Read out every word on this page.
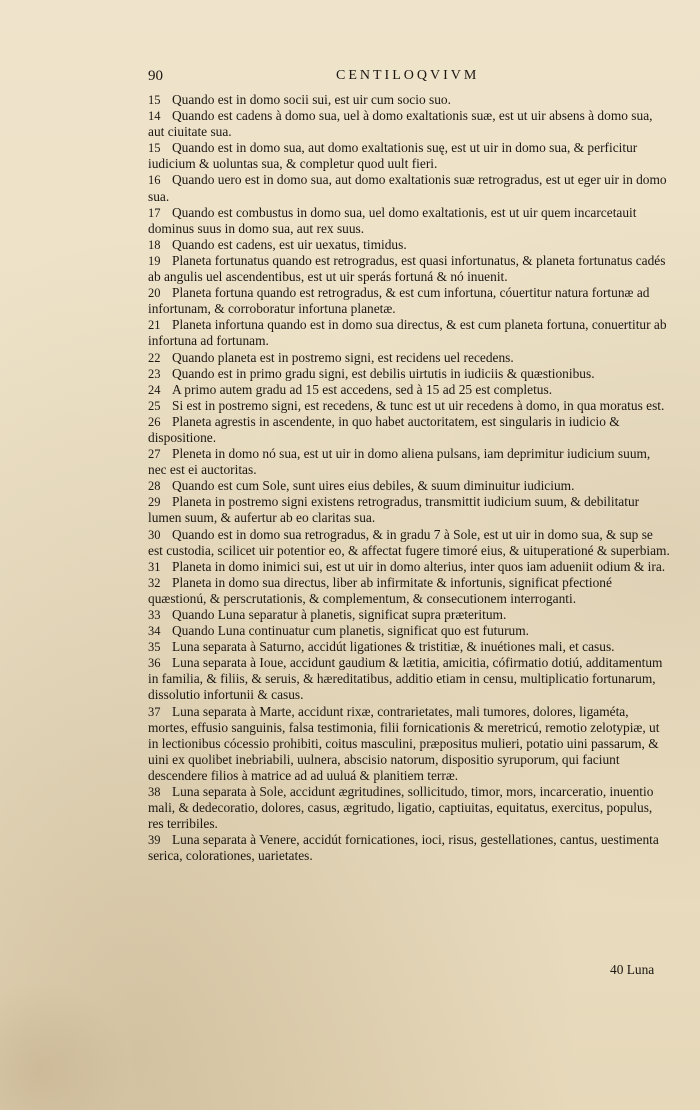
90	CENTILOQVIVM

15 Quando est in domo socii sui, est uir cum socio suo.

14 Quando est cadens à domo sua, uel à domo exaltationis suæ, est ut uir absens à domo sua, aut ciuitate sua.

15 Quando est in domo sua, aut domo exaltationis suę, est ut uir in domo sua, & perficitur iudicium & uoluntas sua, & completur quod uult fieri.

16 Quando uero est in domo sua, aut domo exaltationis suæ retrogradus, est ut eger uir in domo sua.

17 Quando est combustus in domo sua, uel domo exaltationis, est ut uir quem incarcetauit dominus suus in domo sua, aut rex suus.

18 Quando est cadens, est uir uexatus, timidus.

19 Planeta fortunatus quando est retrogradus, est quasi infortunatus, & planeta fortunatus cadés ab angulis uel ascendentibus, est ut uir sperás fortuná & nó inuenit.

20 Planeta fortuna quando est retrogradus, & est cum infortuna, cóuertitur natura fortunæ ad infortunam, & corroboratur infortuna planetæ.

21 Planeta infortuna quando est in domo sua directus, & est cum planeta fortuna, conuertitur ab infortuna ad fortunam.

22 Quando planeta est in postremo signi, est recidens uel recedens.

23 Quando est in primo gradu signi, est debilis uirtutis in iudiciis & quæstionibus.

24 A primo autem gradu ad 15 est accedens, sed à 15 ad 25 est completus.

25 Si est in postremo signi, est recedens, & tunc est ut uir recedens à domo, in qua moratus est.

26 Planeta agrestis in ascendente, in quo habet auctoritatem, est singularis in iudicio & dispositione.

27 Pleneta in domo nó sua, est ut uir in domo aliena pulsans, iam deprimitur iudicium suum, nec est ei auctoritas.

28 Quando est cum Sole, sunt uires eius debiles, & suum diminuitur iudicium.

29 Planeta in postremo signi existens retrogradus, transmittit iudicium suum, & debilitatur lumen suum, & aufertur ab eo claritas sua.

30 Quando est in domo sua retrogradus, & in gradu 7 à Sole, est ut uir in domo sua, & sup se est custodia, scilicet uir potentior eo, & affectat fugere timoré eius, & uituperationé & superbiam.

31 Planeta in domo inimici sui, est ut uir in domo alterius, inter quos iam adueniit odium & ira.

32 Planeta in domo sua directus, liber ab infirmitate & infortunis, significat pfectioné quæstionú, & perscrutationis, & complementum, & consecutionem interroganti.

33 Quando Luna separatur à planetis, significat supra præteritum.

34 Quando Luna continuatur cum planetis, significat quo est futurum.

35 Luna separata à Saturno, accidút ligationes & tristitiæ, & inuétiones mali, et casus.

36 Luna separata à Ioue, accidunt gaudium & lætitia, amicitia, cófirmatio dotiú, additamentum in familia, & filiis, & seruis, & hæreditatibus, additio etiam in censu, multiplicatio fortunarum, dissolutio infortunii & casus.

37 Luna separata à Marte, accidunt rixæ, contrarietates, mali tumores, dolores, ligaméta, mortes, effusio sanguinis, falsa testimonia, filii fornicationis & meretricú, remotio zelotypiæ, ut in lectionibus cócessio prohibiti, coitus masculini, præpositus mulieri, potatio uini passarum, & uini ex quolibet inebriabili, uulnera, abscisio natorum, dispositio syruporum, qui faciunt descendere filios à matrice ad ad uuluá & planitiem terræ.

38 Luna separata à Sole, accidunt ægritudines, sollicitudo, timor, mors, incarceratio, inuentio mali, & dedecoratio, dolores, casus, ægritudo, ligatio, captiuitas, equitatus, exercitus, populus, res terribiles.

39 Luna separata à Venere, accidút fornicationes, ioci, risus, gestellationes, cantus, uestimenta serica, colorationes, uarietates.

40 Luna
